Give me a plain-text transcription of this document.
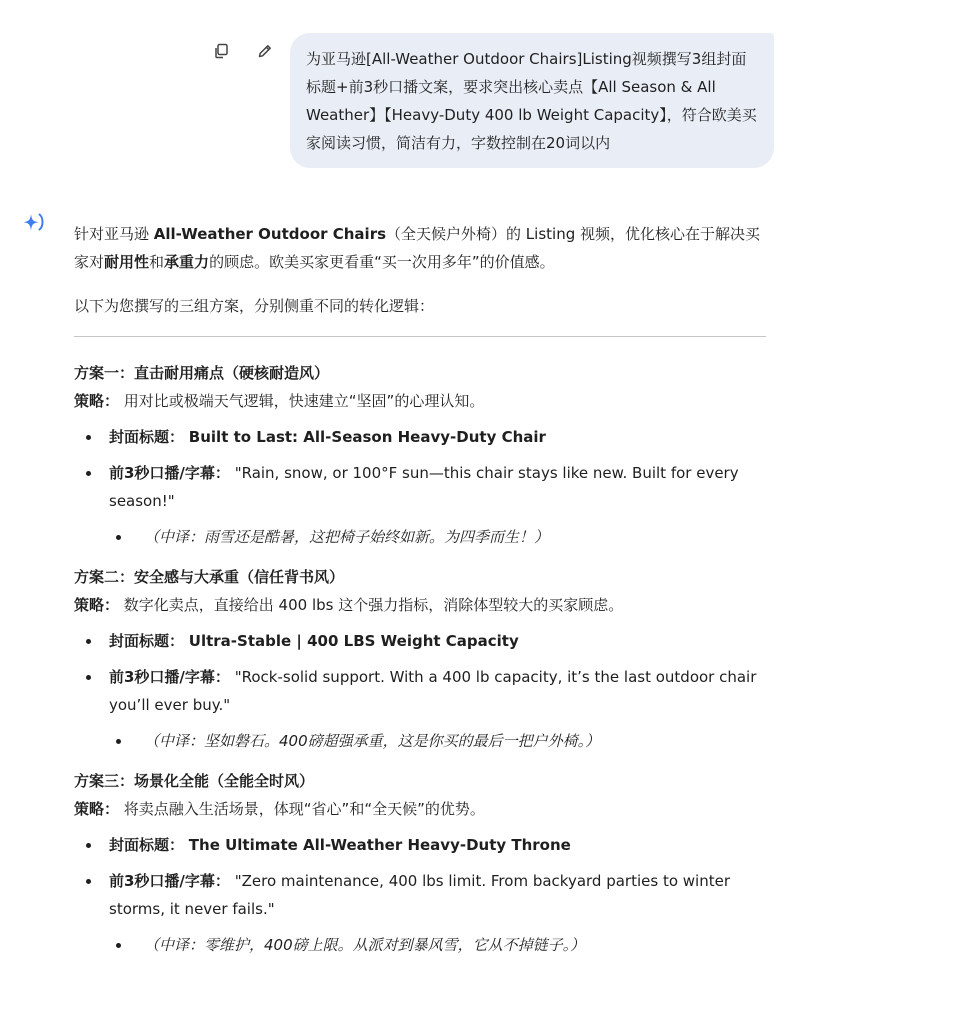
为亚马逊[All-Weather Outdoor Chairs]Listing视频撰写3组封面标题+前3秒口播文案，要求突出核心卖点【All Season & All Weather】【Heavy-Duty 400 lb Weight Capacity】，符合欧美买家阅读习惯，简洁有力，字数控制在20词以内

针对亚马逊 All-Weather Outdoor Chairs（全天候户外椅）的 Listing 视频，优化核心在于解决买家对耐用性和承重力的顾虑。欧美买家更看重“买一次用多年”的价值感。

以下为您撰写的三组方案，分别侧重不同的转化逻辑：

方案一：直击耐用痛点（硬核耐造风）

策略： 用对比或极端天气逻辑，快速建立“坚固”的心理认知。

封面标题： Built to Last: All-Season Heavy-Duty Chair
前3秒口播/字幕： "Rain, snow, or 100°F sun—this chair stays like new. Built for every season!"
（中译：雨雪还是酷暑，这把椅子始终如新。为四季而生！）

方案二：安全感与大承重（信任背书风）

策略： 数字化卖点，直接给出 400 lbs 这个强力指标，消除体型较大的买家顾虑。

封面标题： Ultra-Stable | 400 LBS Weight Capacity
前3秒口播/字幕： "Rock-solid support. With a 400 lb capacity, it’s the last outdoor chair you’ll ever buy."
（中译：坚如磐石。400磅超强承重，这是你买的最后一把户外椅。）

方案三：场景化全能（全能全时风）

策略： 将卖点融入生活场景，体现“省心”和“全天候”的优势。

封面标题： The Ultimate All-Weather Heavy-Duty Throne
前3秒口播/字幕： "Zero maintenance, 400 lbs limit. From backyard parties to winter storms, it never fails."
（中译：零维护，400磅上限。从派对到暴风雪，它从不掉链子。）
